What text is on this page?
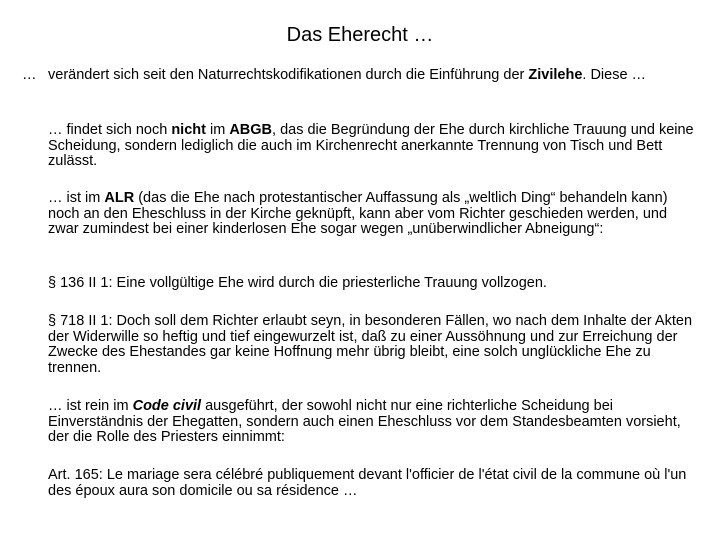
Das Eherecht …
… verändert sich seit den Naturrechtskodifikationen durch die Einführung der Zivilehe. Diese …
… findet sich noch nicht im ABGB, das die Begründung der Ehe durch kirchliche Trauung und keine Scheidung, sondern lediglich die auch im Kirchenrecht anerkannte Trennung von Tisch und Bett zulässt.
… ist im ALR (das die Ehe nach protestantischer Auffassung als „weltlich Ding“ behandeln kann) noch an den Eheschluss in der Kirche geknüpft, kann aber vom Richter geschieden werden, und zwar zumindest bei einer kinderlosen Ehe sogar wegen „unüberwindlicher Abneigung“:
§ 136 II 1: Eine vollgültige Ehe wird durch die priesterliche Trauung vollzogen.
§ 718 II 1: Doch soll dem Richter erlaubt seyn, in besonderen Fällen, wo nach dem Inhalte der Akten der Widerwille so heftig und tief eingewurzelt ist, daß zu einer Aussöhnung und zur Erreichung der Zwecke des Ehestandes gar keine Hoffnung mehr übrig bleibt, eine solch unglückliche Ehe zu trennen.
… ist rein im Code civil ausgeführt, der sowohl nicht nur eine richterliche Scheidung bei Einverständnis der Ehegatten, sondern auch einen Eheschluss vor dem Standesbeamten vorsieht, der die Rolle des Priesters einnimmt:
Art. 165: Le mariage sera célébré publiquement devant l'officier de l'état civil de la commune où l'un des époux aura son domicile ou sa résidence …
